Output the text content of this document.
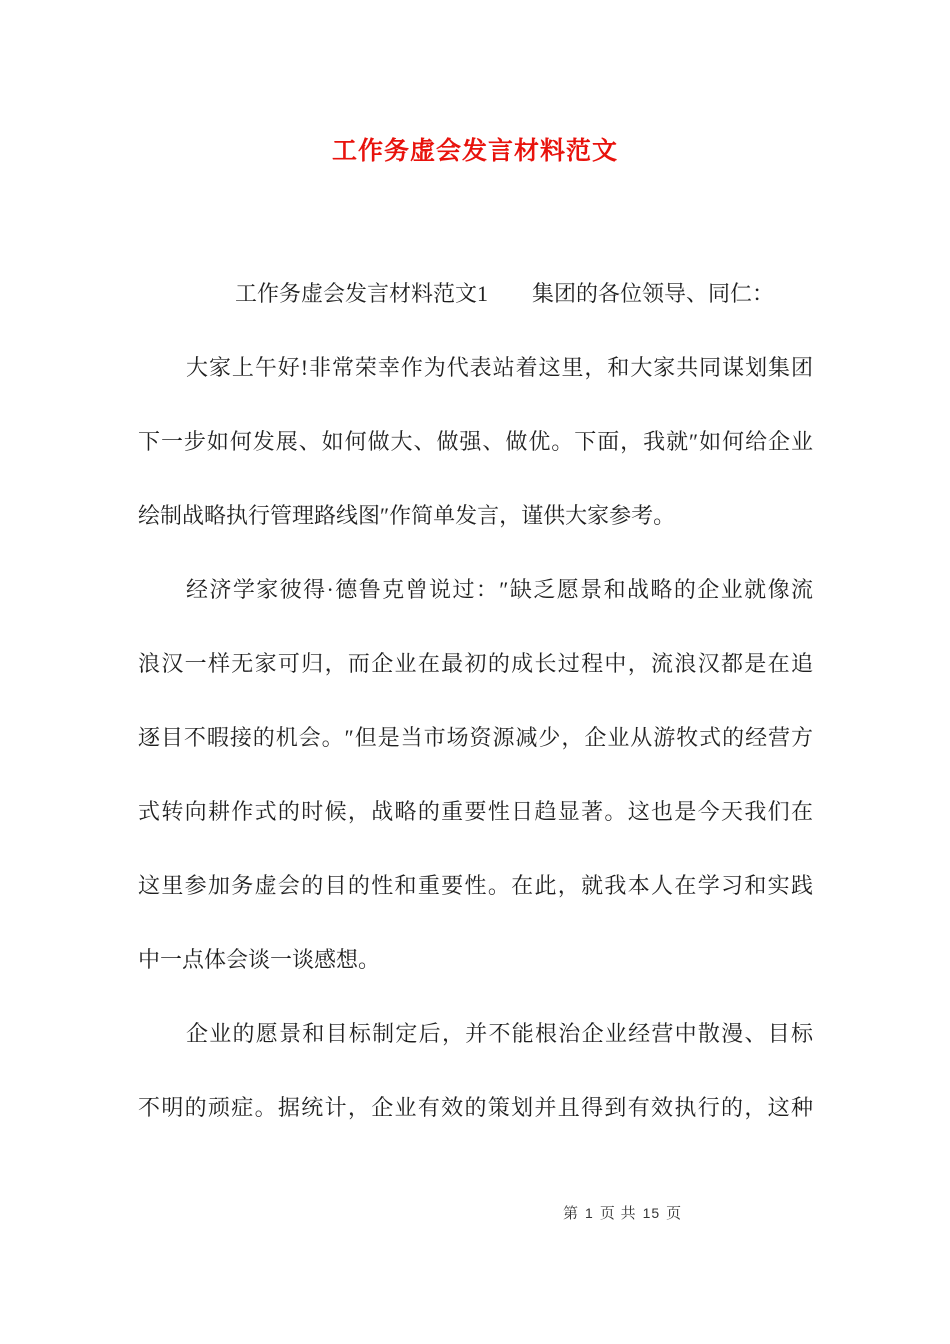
工作务虚会发言材料范文
工作务虚会发言材料范文1　　集团的各位领导、同仁：
大家上午好!非常荣幸作为代表站着这里，和大家共同谋划集团
下一步如何发展、如何做大、做强、做优。下面，我就″如何给企业
绘制战略执行管理路线图″作简单发言，谨供大家参考。
经济学家彼得·德鲁克曾说过：″缺乏愿景和战略的企业就像流
浪汉一样无家可归，而企业在最初的成长过程中，流浪汉都是在追
逐目不暇接的机会。″但是当市场资源减少，企业从游牧式的经营方
式转向耕作式的时候，战略的重要性日趋显著。这也是今天我们在
这里参加务虚会的目的性和重要性。在此，就我本人在学习和实践
中一点体会谈一谈感想。
企业的愿景和目标制定后，并不能根治企业经营中散漫、目标
不明的顽症。据统计，企业有效的策划并且得到有效执行的，这种
第 1 页 共 15 页
